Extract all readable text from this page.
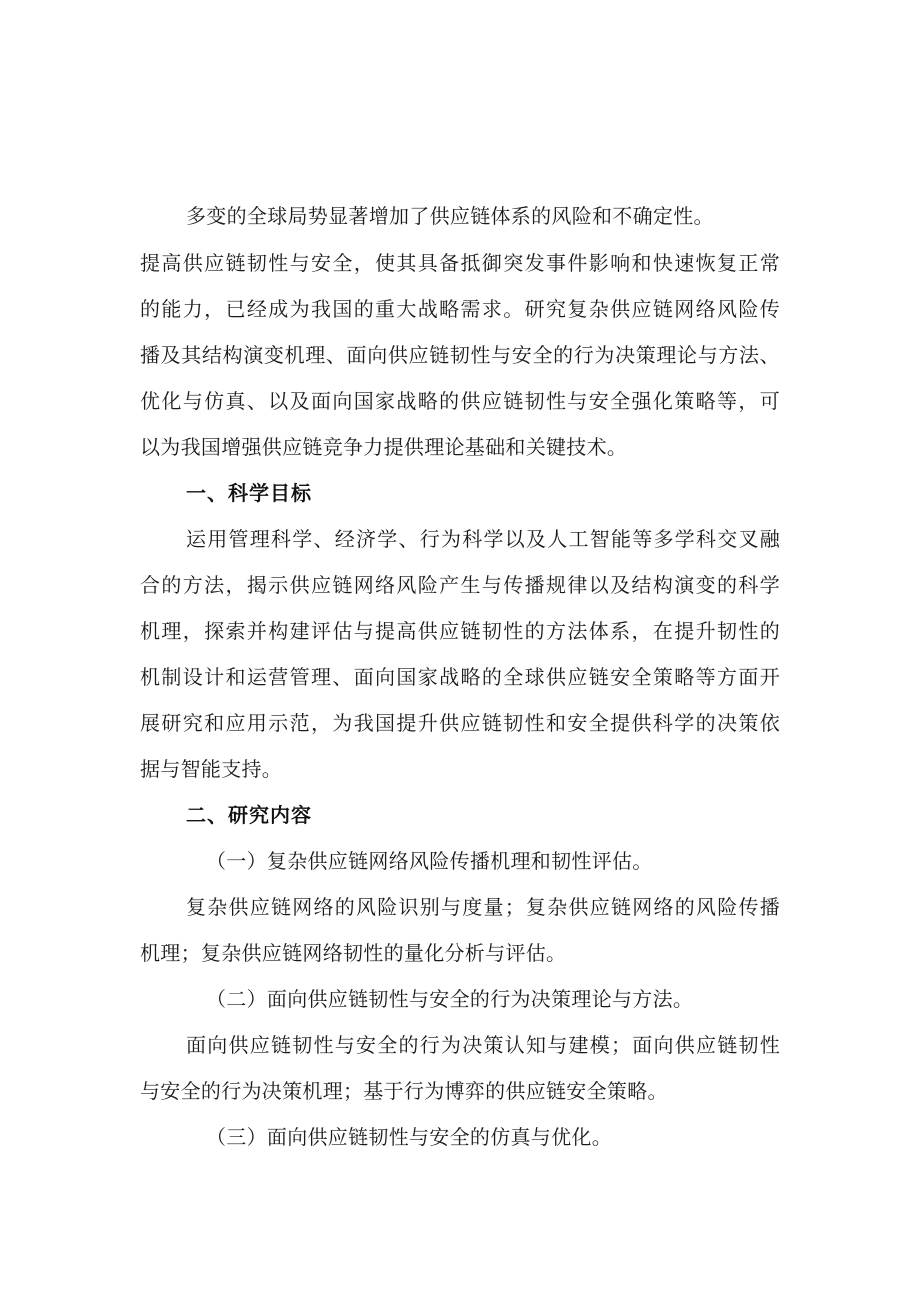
多变的全球局势显著增加了供应链体系的风险和不确定性。
提高供应链韧性与安全，使其具备抵御突发事件影响和快速恢复正常
的能力，已经成为我国的重大战略需求。研究复杂供应链网络风险传
播及其结构演变机理、面向供应链韧性与安全的行为决策理论与方法、
优化与仿真、以及面向国家战略的供应链韧性与安全强化策略等，可
以为我国增强供应链竞争力提供理论基础和关键技术。
一、科学目标
运用管理科学、经济学、行为科学以及人工智能等多学科交叉融
合的方法，揭示供应链网络风险产生与传播规律以及结构演变的科学
机理，探索并构建评估与提高供应链韧性的方法体系，在提升韧性的
机制设计和运营管理、面向国家战略的全球供应链安全策略等方面开
展研究和应用示范，为我国提升供应链韧性和安全提供科学的决策依
据与智能支持。
二、研究内容
（一）复杂供应链网络风险传播机理和韧性评估。
复杂供应链网络的风险识别与度量；复杂供应链网络的风险传播
机理；复杂供应链网络韧性的量化分析与评估。
（二）面向供应链韧性与安全的行为决策理论与方法。
面向供应链韧性与安全的行为决策认知与建模；面向供应链韧性
与安全的行为决策机理；基于行为博弈的供应链安全策略。
（三）面向供应链韧性与安全的仿真与优化。
